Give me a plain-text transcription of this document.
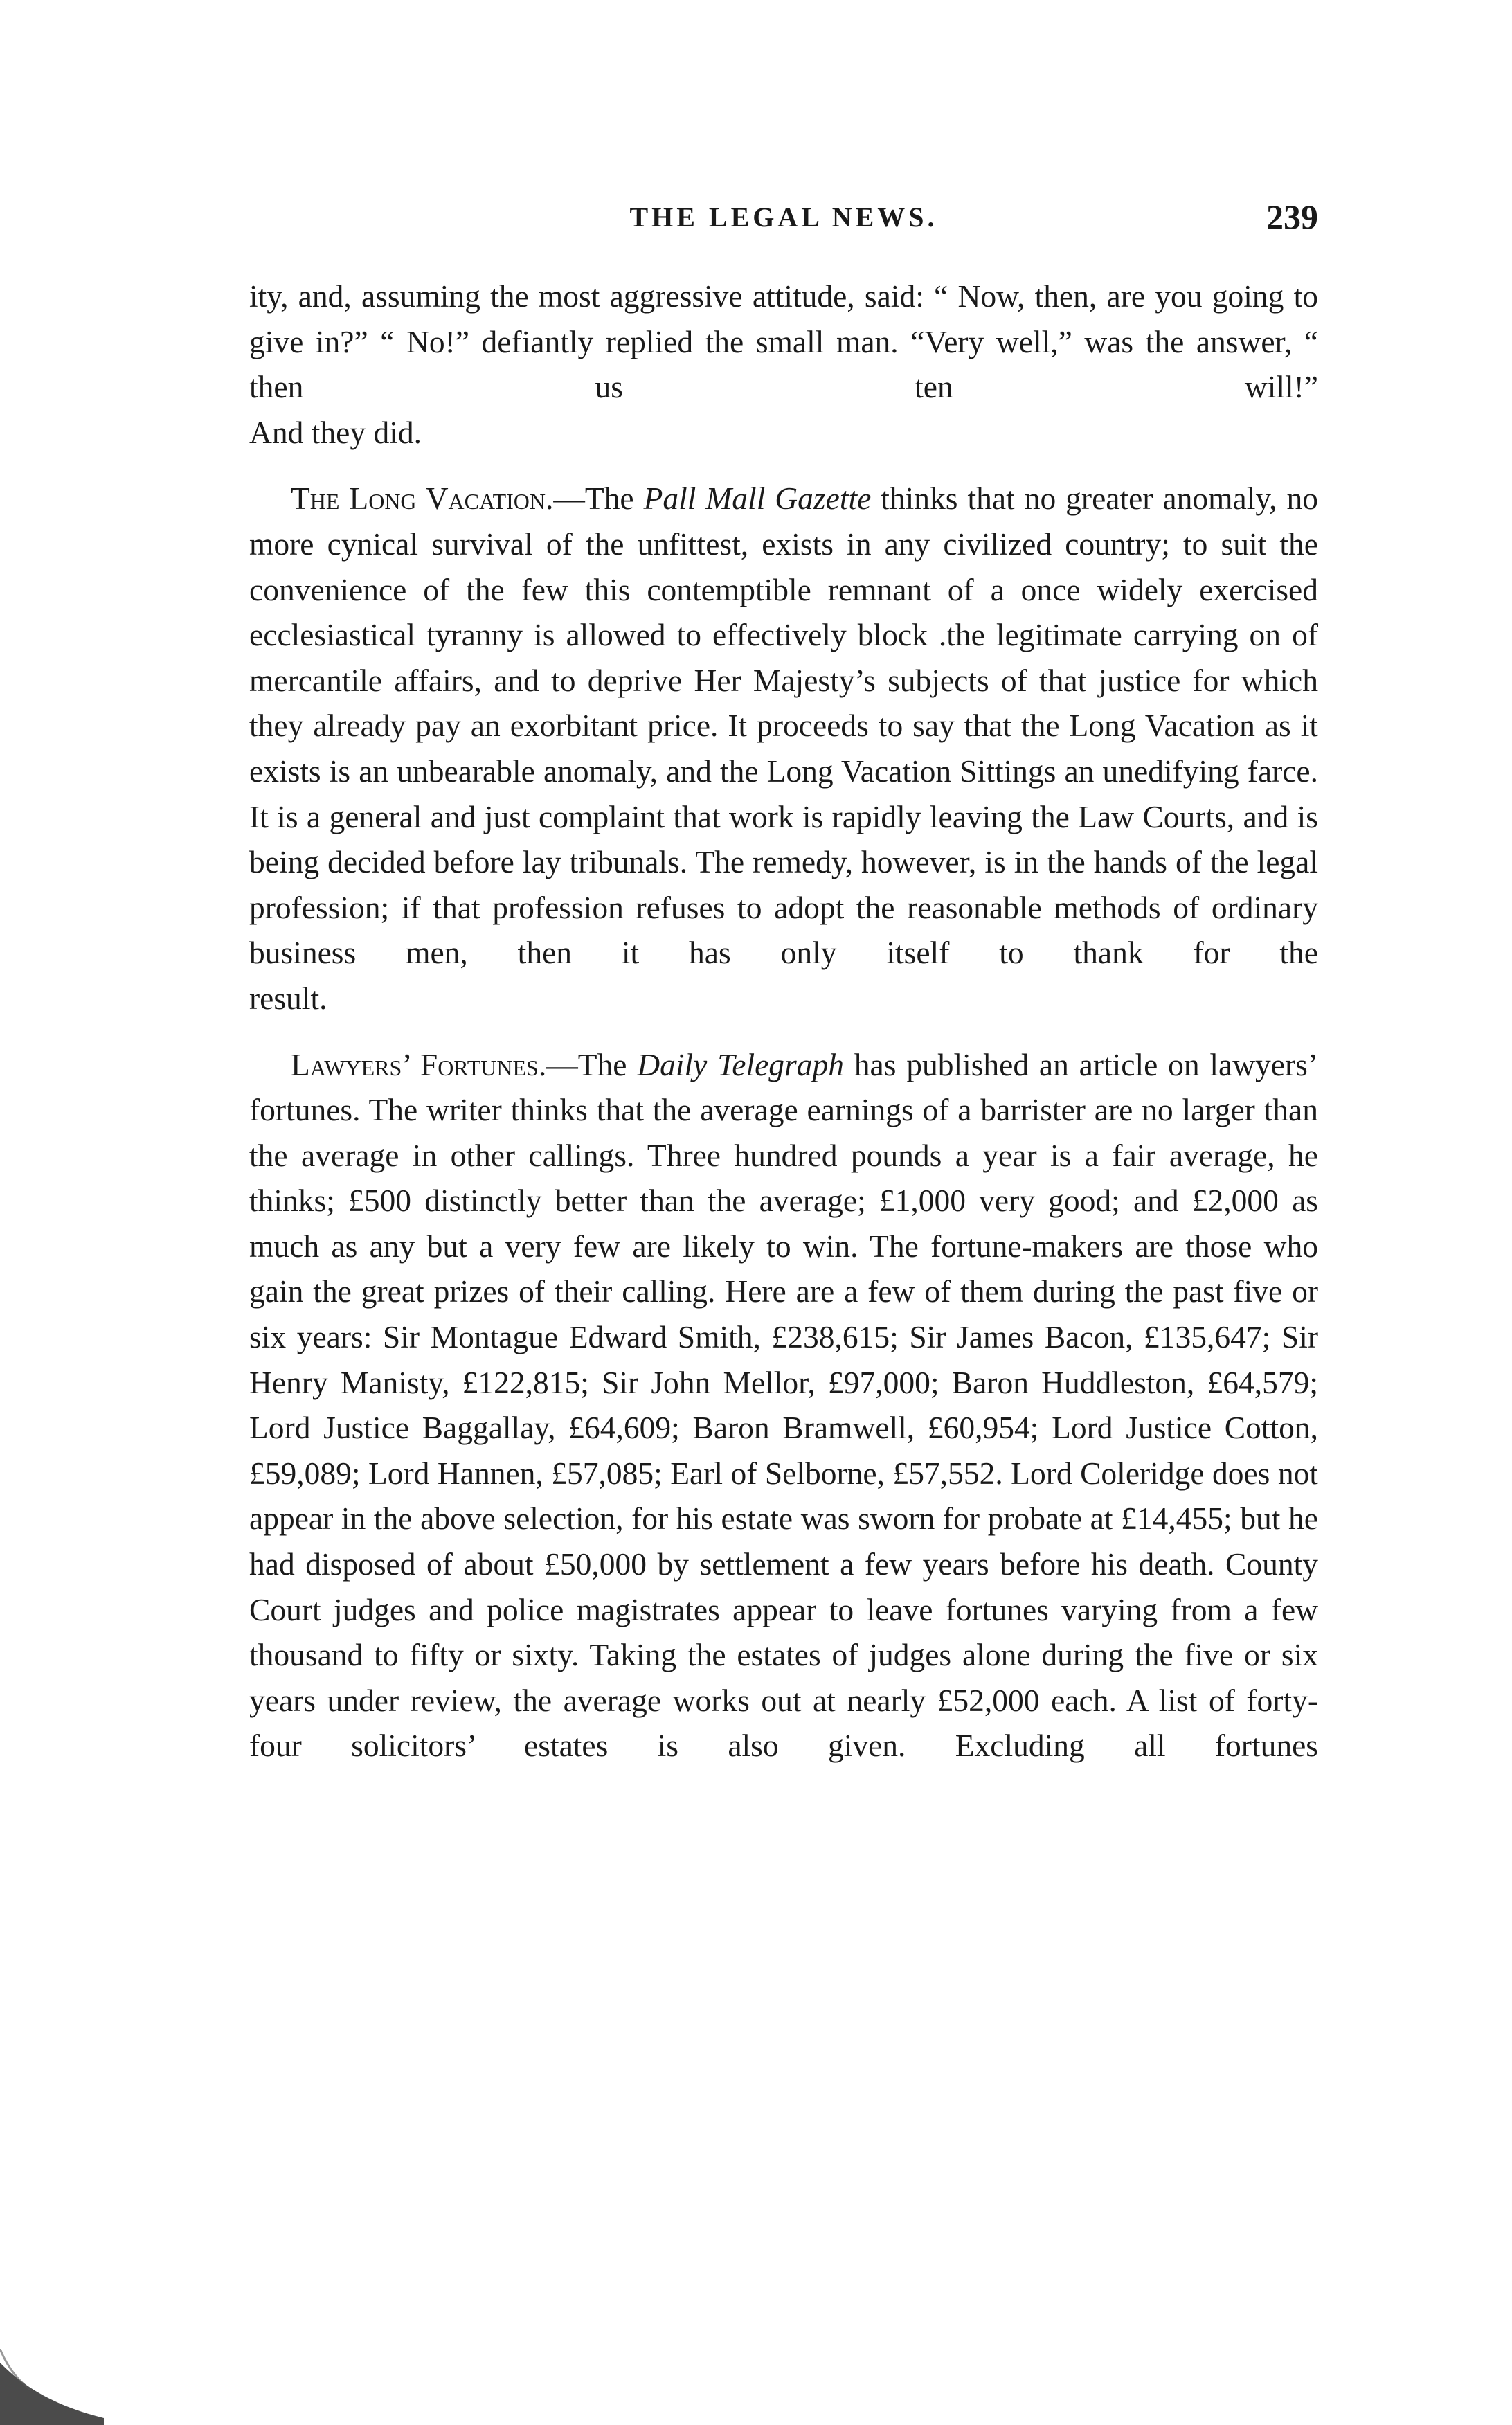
THE LEGAL NEWS.	239

ity, and, assuming the most aggressive attitude, said: “ Now, then, are you going to give in?” “ No!” defiantly replied the small man. “Very well,” was the answer, “ then us ten will!”
And they did.

The Long Vacation.—The Pall Mall Gazette thinks that no greater anomaly, no more cynical survival of the unfittest, exists in any civilized country; to suit the convenience of the few this contemptible remnant of a once widely exercised ecclesiastical tyranny is allowed to effectively block .the legitimate carrying on of mercantile affairs, and to deprive Her Majesty’s subjects of that justice for which they already pay an exorbitant price. It proceeds to say that the Long Vacation as it exists is an unbearable anomaly, and the Long Vacation Sittings an unedifying farce. It is a general and just complaint that work is rapidly leaving the Law Courts, and is being decided before lay tribunals. The remedy, however, is in the hands of the legal profession; if that profession refuses to adopt the reasonable methods of ordinary business men, then it has only itself to thank for the
result.

Lawyers’ Fortunes.—The Daily Telegraph has published an article on lawyers’ fortunes. The writer thinks that the average earnings of a barrister are no larger than the average in other callings. Three hundred pounds a year is a fair average, he thinks; £500 distinctly better than the average; £1,000 very good; and £2,000 as much as any but a very few are likely to win. The fortune-makers are those who gain the great prizes of their calling. Here are a few of them during the past five or six years: Sir Montague Edward Smith, £238,615; Sir James Bacon, £135,647; Sir Henry Manisty, £122,815; Sir John Mellor, £97,000; Baron Huddleston, £64,579; Lord Justice Baggallay, £64,609; Baron Bramwell, £60,954; Lord Justice Cotton, £59,089; Lord Hannen, £57,085; Earl of Selborne, £57,552. Lord Coleridge does not appear in the above selection, for his estate was sworn for probate at £14,455; but he had disposed of about £50,000 by settlement a few years before his death. County Court judges and police magistrates appear to leave fortunes varying from a few thousand to fifty or sixty. Taking the estates of judges alone during the five or six years under review, the average works out at nearly £52,000 each. A list of forty-four solicitors’ estates is also given. Excluding all fortunes
